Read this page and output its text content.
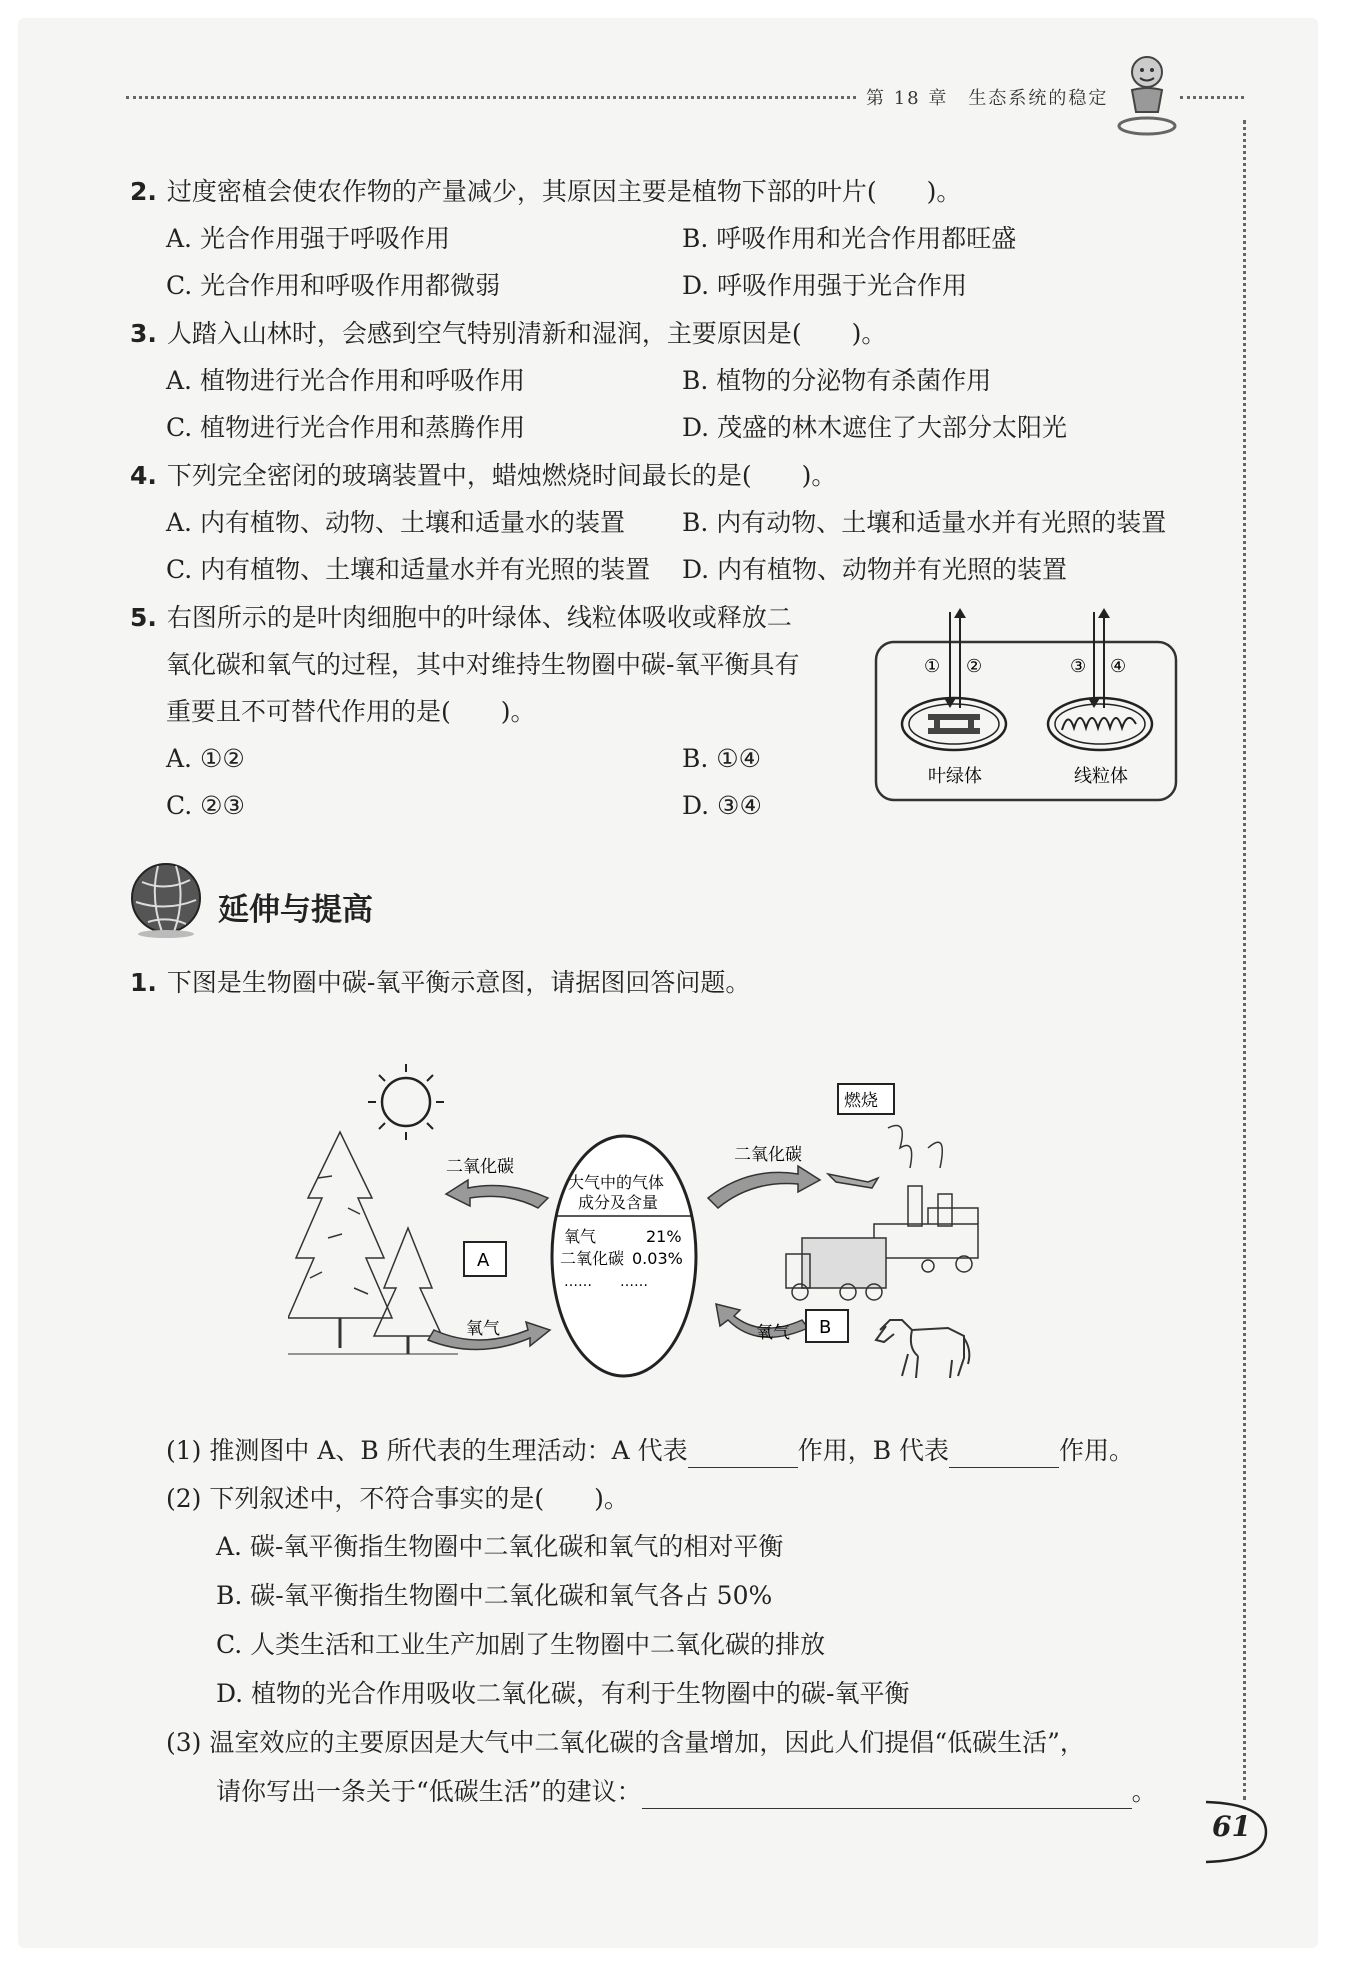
第 18 章　生态系统的稳定
2. 过度密植会使农作物的产量减少，其原因主要是植物下部的叶片(　　)。
A. 光合作用强于呼吸作用	B. 呼吸作用和光合作用都旺盛
C. 光合作用和呼吸作用都微弱	D. 呼吸作用强于光合作用
3. 人踏入山林时，会感到空气特别清新和湿润，主要原因是(　　)。
A. 植物进行光合作用和呼吸作用	B. 植物的分泌物有杀菌作用
C. 植物进行光合作用和蒸腾作用	D. 茂盛的林木遮住了大部分太阳光
4. 下列完全密闭的玻璃装置中，蜡烛燃烧时间最长的是(　　)。
A. 内有植物、动物、土壤和适量水的装置 B. 内有动物、土壤和适量水并有光照的装置
C. 内有植物、土壤和适量水并有光照的装置 D. 内有植物、动物并有光照的装置
5. 右图所示的是叶肉细胞中的叶绿体、线粒体吸收或释放二
氧化碳和氧气的过程，其中对维持生物圈中碳-氧平衡具有
重要且不可替代作用的是(　　)。
A. ①②	B. ①④
C. ②③	D. ③④
① ②	③ ④
叶绿体	线粒体
延伸与提高
1. 下图是生物圈中碳-氧平衡示意图，请据图回答问题。
A
二氧化碳
氧气
大气中的气体
成分及含量
氧气	21%
二氧化碳 0.03%
……　　……
二氧化碳
氧气
燃烧
B
(1) 推测图中 A、B 所代表的生理活动：A 代表	作用，B 代表	作用。
(2) 下列叙述中，不符合事实的是(　　)。
A. 碳-氧平衡指生物圈中二氧化碳和氧气的相对平衡
B. 碳-氧平衡指生物圈中二氧化碳和氧气各占 50%
C. 人类生活和工业生产加剧了生物圈中二氧化碳的排放
D. 植物的光合作用吸收二氧化碳，有利于生物圈中的碳-氧平衡
(3) 温室效应的主要原因是大气中二氧化碳的含量增加，因此人们提倡“低碳生活”，
请你写出一条关于“低碳生活”的建议：	。
61
